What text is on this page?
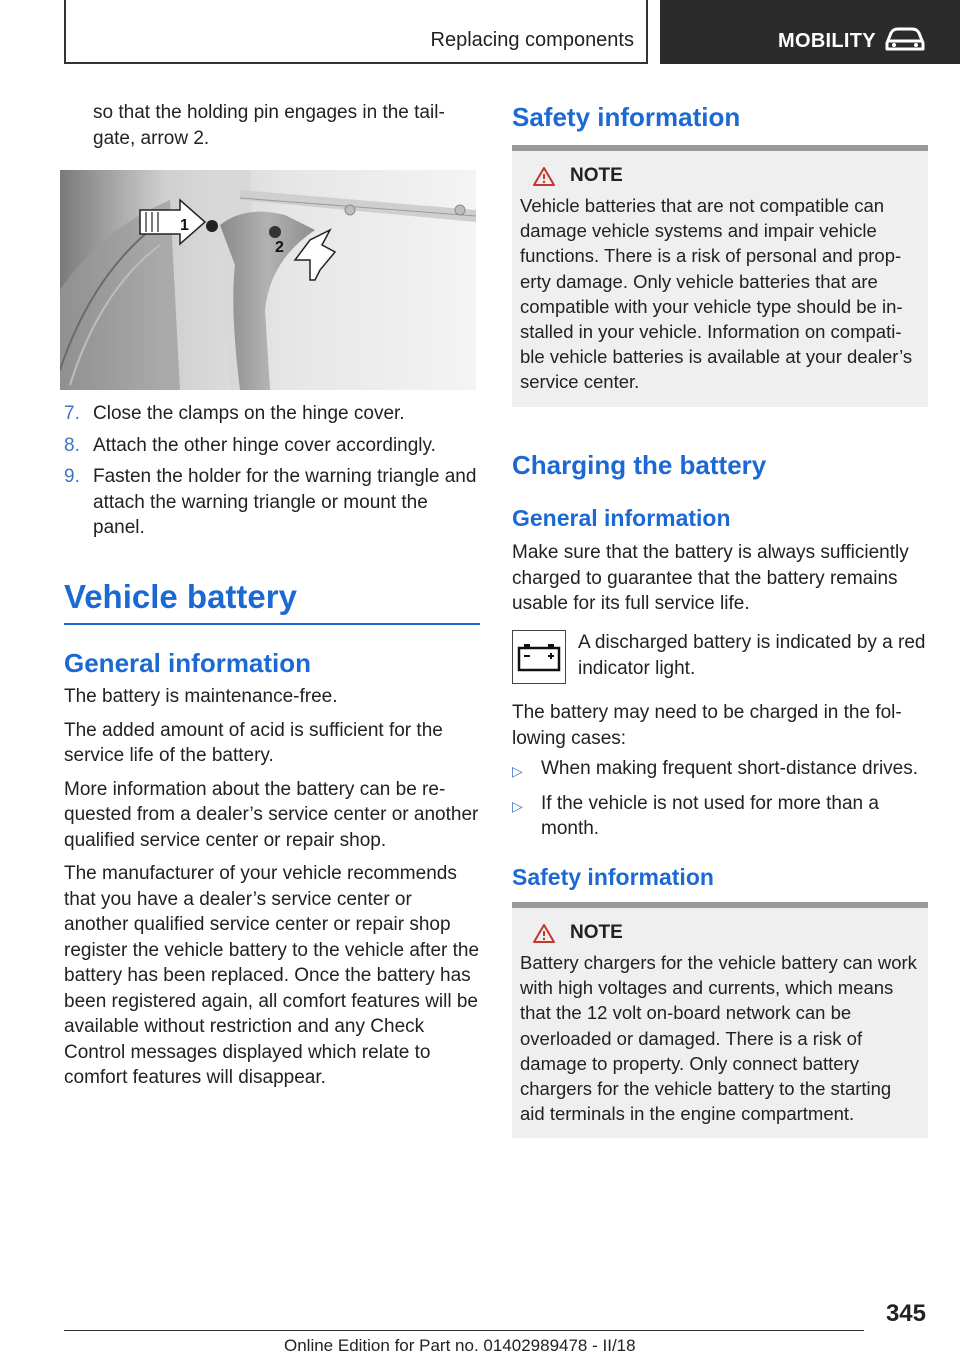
Replacing components	MOBILITY

so that the holding pin engages in the tailgate, arrow 2.

1
2
7. Close the clamps on the hinge cover.
8. Attach the other hinge cover accordingly.
9. Fasten the holder for the warning triangle and attach the warning triangle or mount the panel.
Vehicle battery
General information

The battery is maintenance-free.

The added amount of acid is sufficient for the service life of the battery.

More information about the battery can be requested from a dealer’s service center or another qualified service center or repair shop.

The manufacturer of your vehicle recommends that you have a dealer’s service center or another qualified service center or repair shop register the vehicle battery to the vehicle after the battery has been replaced. Once the battery has been registered again, all comfort features will be available without restriction and any Check Control messages displayed which relate to comfort features will disappear.

Safety information
NOTE

Vehicle batteries that are not compatible can damage vehicle systems and impair vehicle functions. There is a risk of personal and property damage. Only vehicle batteries that are compatible with your vehicle type should be installed in your vehicle. Information on compatible vehicle batteries is available at your dealer’s service center.

Charging the battery
General information

Make sure that the battery is always sufficiently charged to guarantee that the battery remains usable for its full service life.

A discharged battery is indicated by a red indicator light.

The battery may need to be charged in the following cases:

▷ When making frequent short-distance drives.
▷ If the vehicle is not used for more than a month.
Safety information
NOTE

Battery chargers for the vehicle battery can work with high voltages and currents, which means that the 12 volt on-board network can be overloaded or damaged. There is a risk of damage to property. Only connect battery chargers for the vehicle battery to the starting aid terminals in the engine compartment.

345
Online Edition for Part no. 01402989478 - II/18
